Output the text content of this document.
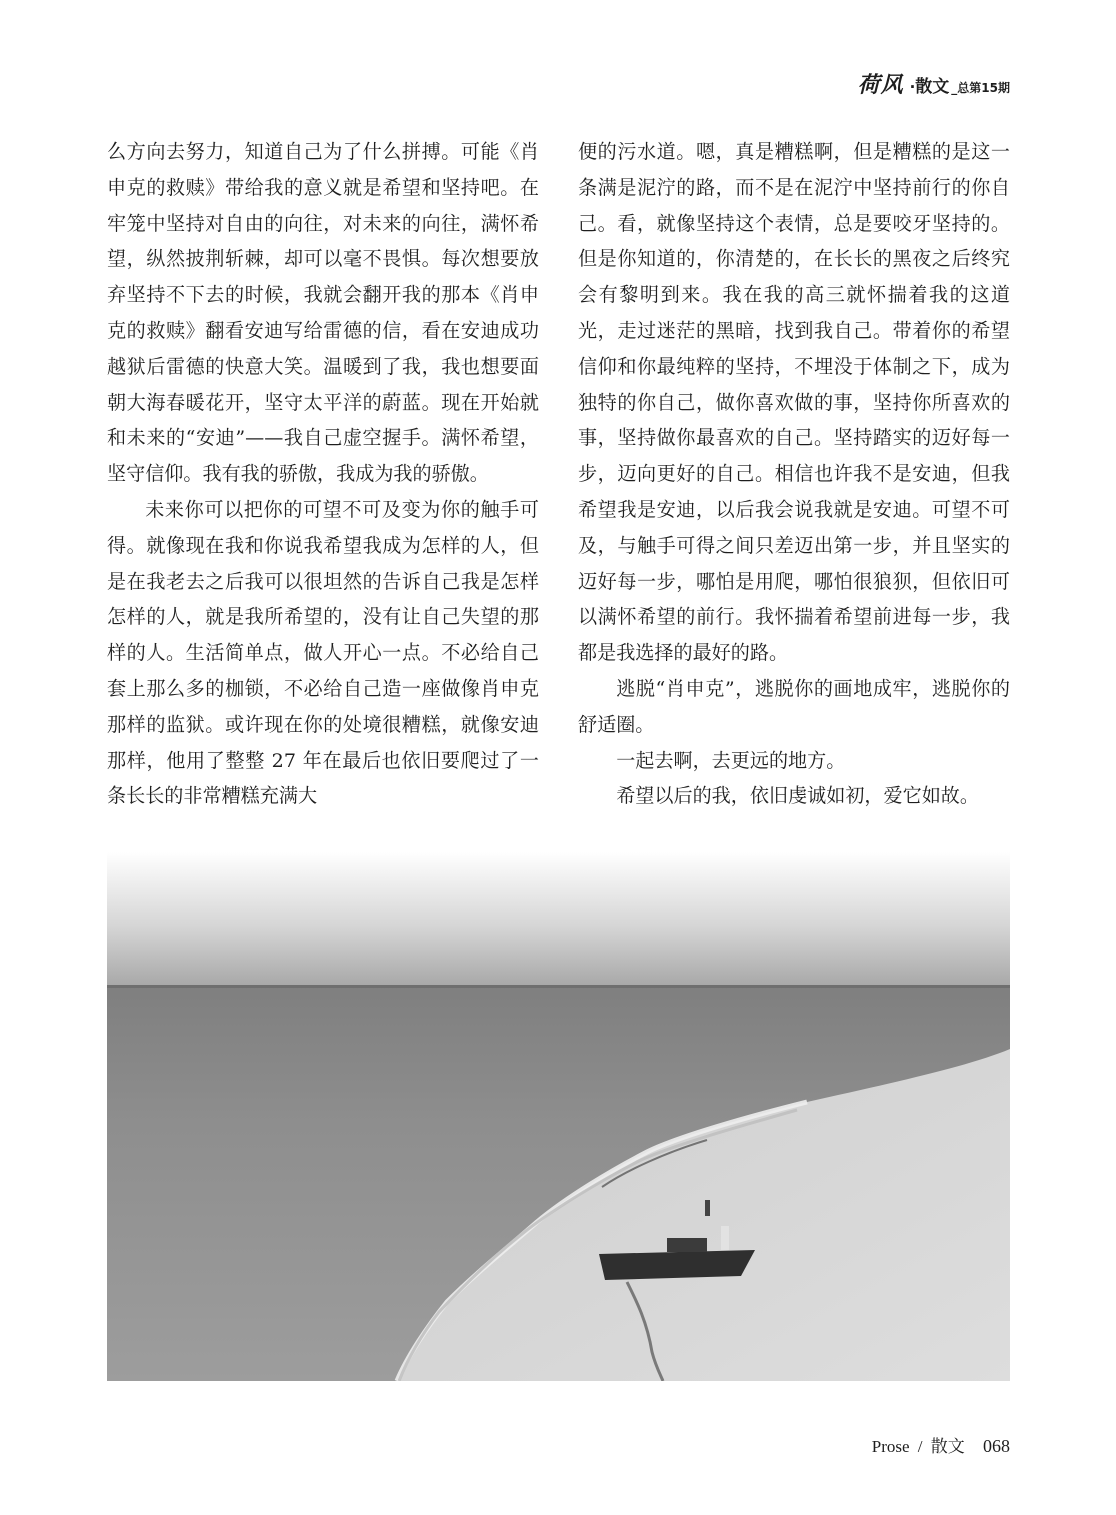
荷风 · 散文 _总第15期

么方向去努力，知道自己为了什么拼搏。可能《肖申克的救赎》带给我的意义就是希望和坚持吧。在牢笼中坚持对自由的向往，对未来的向往，满怀希望，纵然披荆斩棘，却可以毫不畏惧。每次想要放弃坚持不下去的时候，我就会翻开我的那本《肖申克的救赎》翻看安迪写给雷德的信，看在安迪成功越狱后雷德的快意大笑。温暖到了我，我也想要面朝大海春暖花开，坚守太平洋的蔚蓝。现在开始就和未来的“安迪”——我自己虚空握手。满怀希望，坚守信仰。我有我的骄傲，我成为我的骄傲。

未来你可以把你的可望不可及变为你的触手可得。就像现在我和你说我希望我成为怎样的人，但是在我老去之后我可以很坦然的告诉自己我是怎样怎样的人，就是我所希望的，没有让自己失望的那样的人。生活简单点，做人开心一点。不必给自己套上那么多的枷锁，不必给自己造一座做像肖申克那样的监狱。或许现在你的处境很糟糕，就像安迪那样，他用了整整 27 年在最后也依旧要爬过了一条长长的非常糟糕充满大

便的污水道。嗯，真是糟糕啊，但是糟糕的是这一条满是泥泞的路，而不是在泥泞中坚持前行的你自己。看，就像坚持这个表情，总是要咬牙坚持的。但是你知道的，你清楚的，在长长的黑夜之后终究会有黎明到来。我在我的高三就怀揣着我的这道光，走过迷茫的黑暗，找到我自己。带着你的希望信仰和你最纯粹的坚持，不埋没于体制之下，成为独特的你自己，做你喜欢做的事，坚持你所喜欢的事，坚持做你最喜欢的自己。坚持踏实的迈好每一步，迈向更好的自己。相信也许我不是安迪，但我希望我是安迪，以后我会说我就是安迪。可望不可及，与触手可得之间只差迈出第一步，并且坚实的迈好每一步，哪怕是用爬，哪怕很狼狈，但依旧可以满怀希望的前行。我怀揣着希望前进每一步，我都是我选择的最好的路。

逃脱“肖申克”，逃脱你的画地成牢，逃脱你的舒适圈。

一起去啊，去更远的地方。

希望以后的我，依旧虔诚如初，爱它如故。

Prose / 散文 068
